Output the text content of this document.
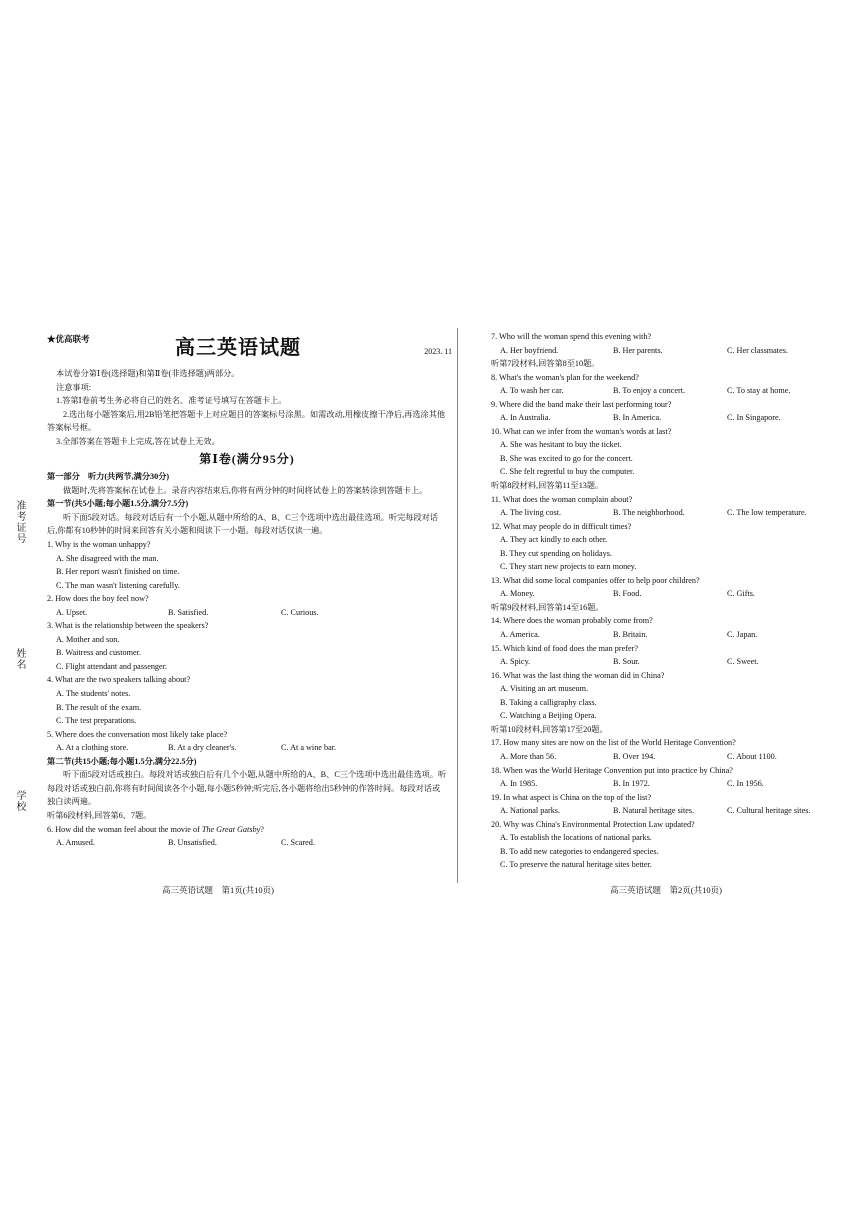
准考证号
姓名
学校
★优高联考	高三英语试题	2023. 11
本试卷分第Ⅰ卷(选择题)和第Ⅱ卷(非选择题)两部分。
注意事项:
1.答第Ⅰ卷前考生务必将自己的姓名、准考证号填写在答题卡上。
2.选出每小题答案后,用2B铅笔把答题卡上对应题目的答案标号涂黑。如需改动,用橡皮擦干净后,再选涂其他答案标号框。
3.全部答案在答题卡上完成,答在试卷上无效。
第Ⅰ卷(满分95分)
第一部分　听力(共两节,满分30分)
做题时,先将答案标在试卷上。录音内容结束后,你将有两分钟的时间将试卷上的答案转涂到答题卡上。
第一节(共5小题;每小题1.5分,满分7.5分)
听下面5段对话。每段对话后有一个小题,从题中所给的A、B、C三个选项中选出最佳选项。听完每段对话后,你都有10秒钟的时间来回答有关小题和阅读下一小题。每段对话仅读一遍。
1. Why is the woman unhappy?
A. She disagreed with the man.
B. Her report wasn't finished on time.
C. The man wasn't listening carefully.
2. How does the boy feel now?
A. Upset.	B. Satisfied.	C. Curious.
3. What is the relationship between the speakers?
A. Mother and son.
B. Waitress and customer.
C. Flight attendant and passenger.
4. What are the two speakers talking about?
A. The students' notes.
B. The result of the exam.
C. The test preparations.
5. Where does the conversation most likely take place?
A. At a clothing store.	B. At a dry cleaner's.	C. At a wine bar.
第二节(共15小题;每小题1.5分,满分22.5分)
听下面5段对话或独白。每段对话或独白后有几个小题,从题中所给的A、B、C三个选项中选出最佳选项。听每段对话或独白前,你将有时间阅读各个小题,每小题5秒钟;听完后,各小题将给出5秒钟的作答时间。每段对话或独白读两遍。
听第6段材料,回答第6、7题。
6. How did the woman feel about the movie of The Great Gatsby?
A. Amused.	B. Unsatisfied.	C. Scared.
7. Who will the woman spend this evening with?
A. Her boyfriend.	B. Her parents.	C. Her classmates.
听第7段材料,回答第8至10题。
8. What's the woman's plan for the weekend?
A. To wash her car.	B. To enjoy a concert.	C. To stay at home.
9. Where did the band make their last performing tour?
A. In Australia.	B. In America.	C. In Singapore.
10. What can we infer from the woman's words at last?
A. She was hesitant to buy the ticket.
B. She was excited to go for the concert.
C. She felt regretful to buy the computer.
听第8段材料,回答第11至13题。
11. What does the woman complain about?
A. The living cost.	B. The neighborhood.	C. The low temperature.
12. What may people do in difficult times?
A. They act kindly to each other.
B. They cut spending on holidays.
C. They start new projects to earn money.
13. What did some local companies offer to help poor children?
A. Money.	B. Food.	C. Gifts.
听第9段材料,回答第14至16题。
14. Where does the woman probably come from?
A. America.	B. Britain.	C. Japan.
15. Which kind of food does the man prefer?
A. Spicy.	B. Sour.	C. Sweet.
16. What was the last thing the woman did in China?
A. Visiting an art museum.
B. Taking a calligraphy class.
C. Watching a Beijing Opera.
听第10段材料,回答第17至20题。
17. How many sites are now on the list of the World Heritage Convention?
A. More than 56.	B. Over 194.	C. About 1100.
18. When was the World Heritage Convention put into practice by China?
A. In 1985.	B. In 1972.	C. In 1956.
19. In what aspect is China on the top of the list?
A. National parks.	B. Natural heritage sites.	C. Cultural heritage sites.
20. Why was China's Environmental Protection Law updated?
A. To establish the locations of national parks.
B. To add new categories to endangered species.
C. To preserve the natural heritage sites better.
高三英语试题　第1页(共10页)	高三英语试题　第2页(共10页)
